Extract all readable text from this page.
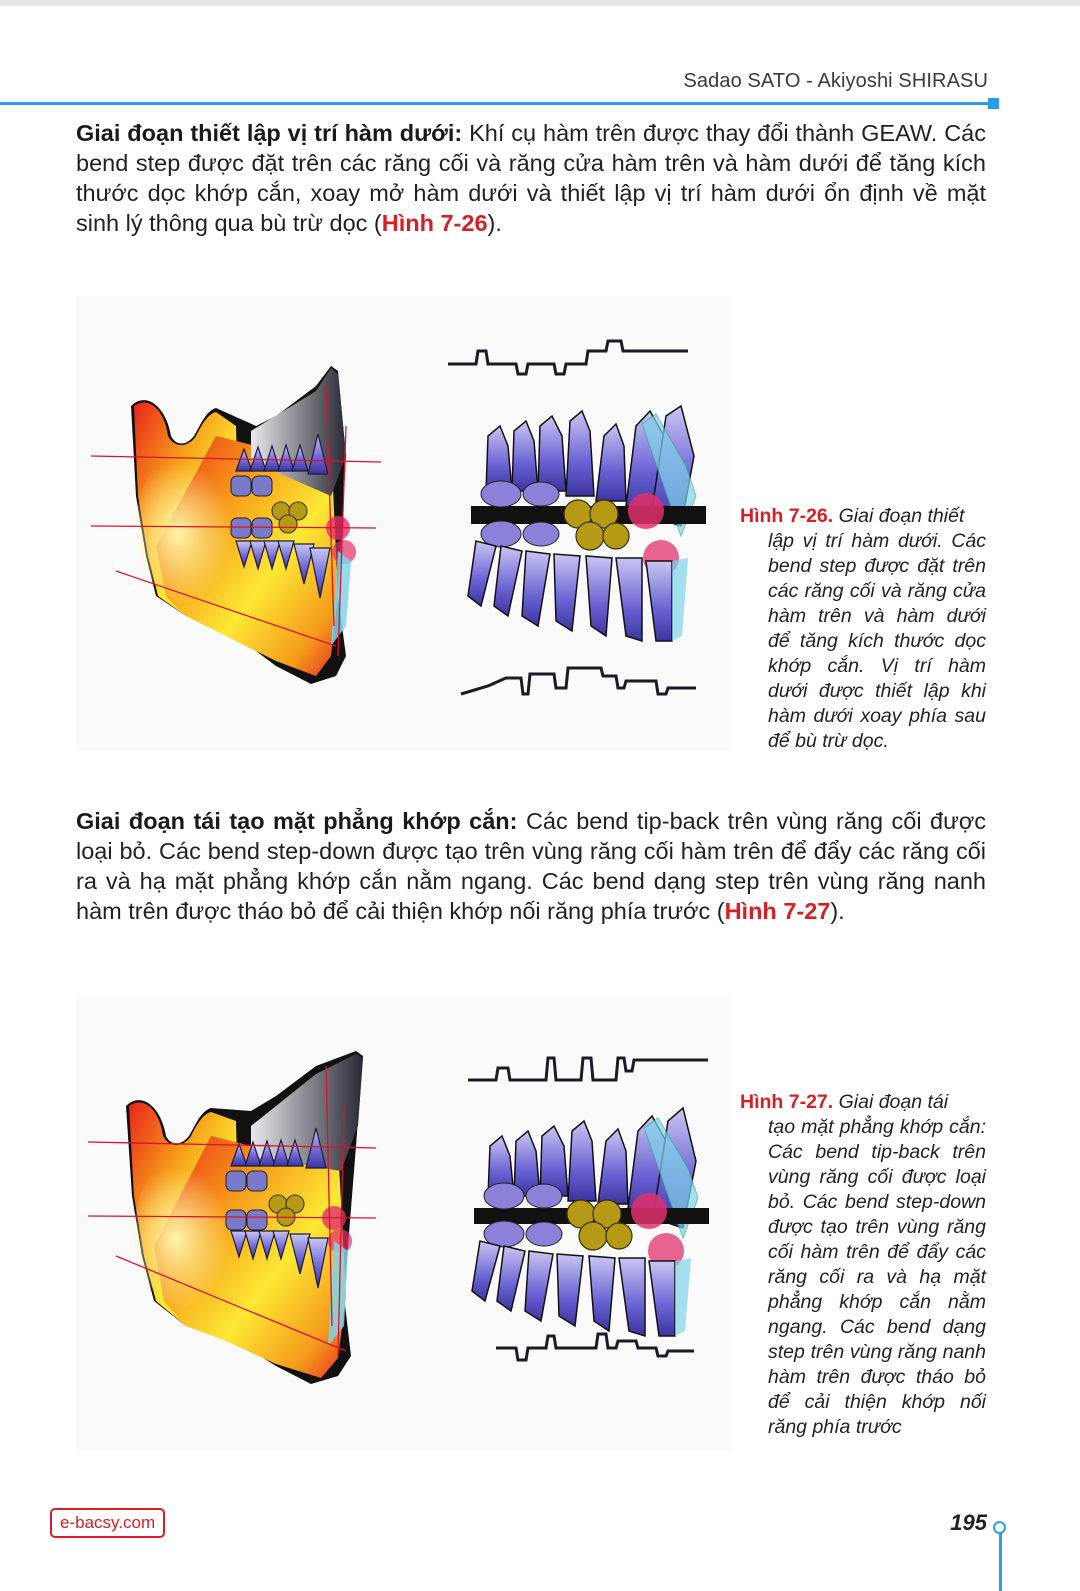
Sadao SATO - Akiyoshi SHIRASU

Giai đoạn thiết lập vị trí hàm dưới: Khí cụ hàm trên được thay đổi thành GEAW. Các bend step được đặt trên các răng cối và răng cửa hàm trên và hàm dưới để tăng kích thước dọc khớp cắn, xoay mở hàm dưới và thiết lập vị trí hàm dưới ổn định về mặt sinh lý thông qua bù trừ dọc (Hình 7-26).

Hình 7-26. Giai đoạn thiết
lập vị trí hàm dưới. Các bend step được đặt trên các răng cối và răng cửa hàm trên và hàm dưới để tăng kích thước dọc khớp cắn. Vị trí hàm dưới được thiết lập khi hàm dưới xoay phía sau để bù trừ dọc.

Giai đoạn tái tạo mặt phẳng khớp cắn: Các bend tip-back trên vùng răng cối được loại bỏ. Các bend step-down được tạo trên vùng răng cối hàm trên để đẩy các răng cối ra và hạ mặt phẳng khớp cắn nằm ngang. Các bend dạng step trên vùng răng nanh hàm trên được tháo bỏ để cải thiện khớp nối răng phía trước (Hình 7-27).

Hình 7-27. Giai đoạn tái
tạo mặt phẳng khớp cắn: Các bend tip-back trên vùng răng cối được loại bỏ. Các bend step-down được tạo trên vùng răng cối hàm trên để đẩy các răng cối ra và hạ mặt phẳng khớp cắn nằm ngang. Các bend dạng step trên vùng răng nanh hàm trên được tháo bỏ để cải thiện khớp nối răng phía trước
e-bacsy.com	195
